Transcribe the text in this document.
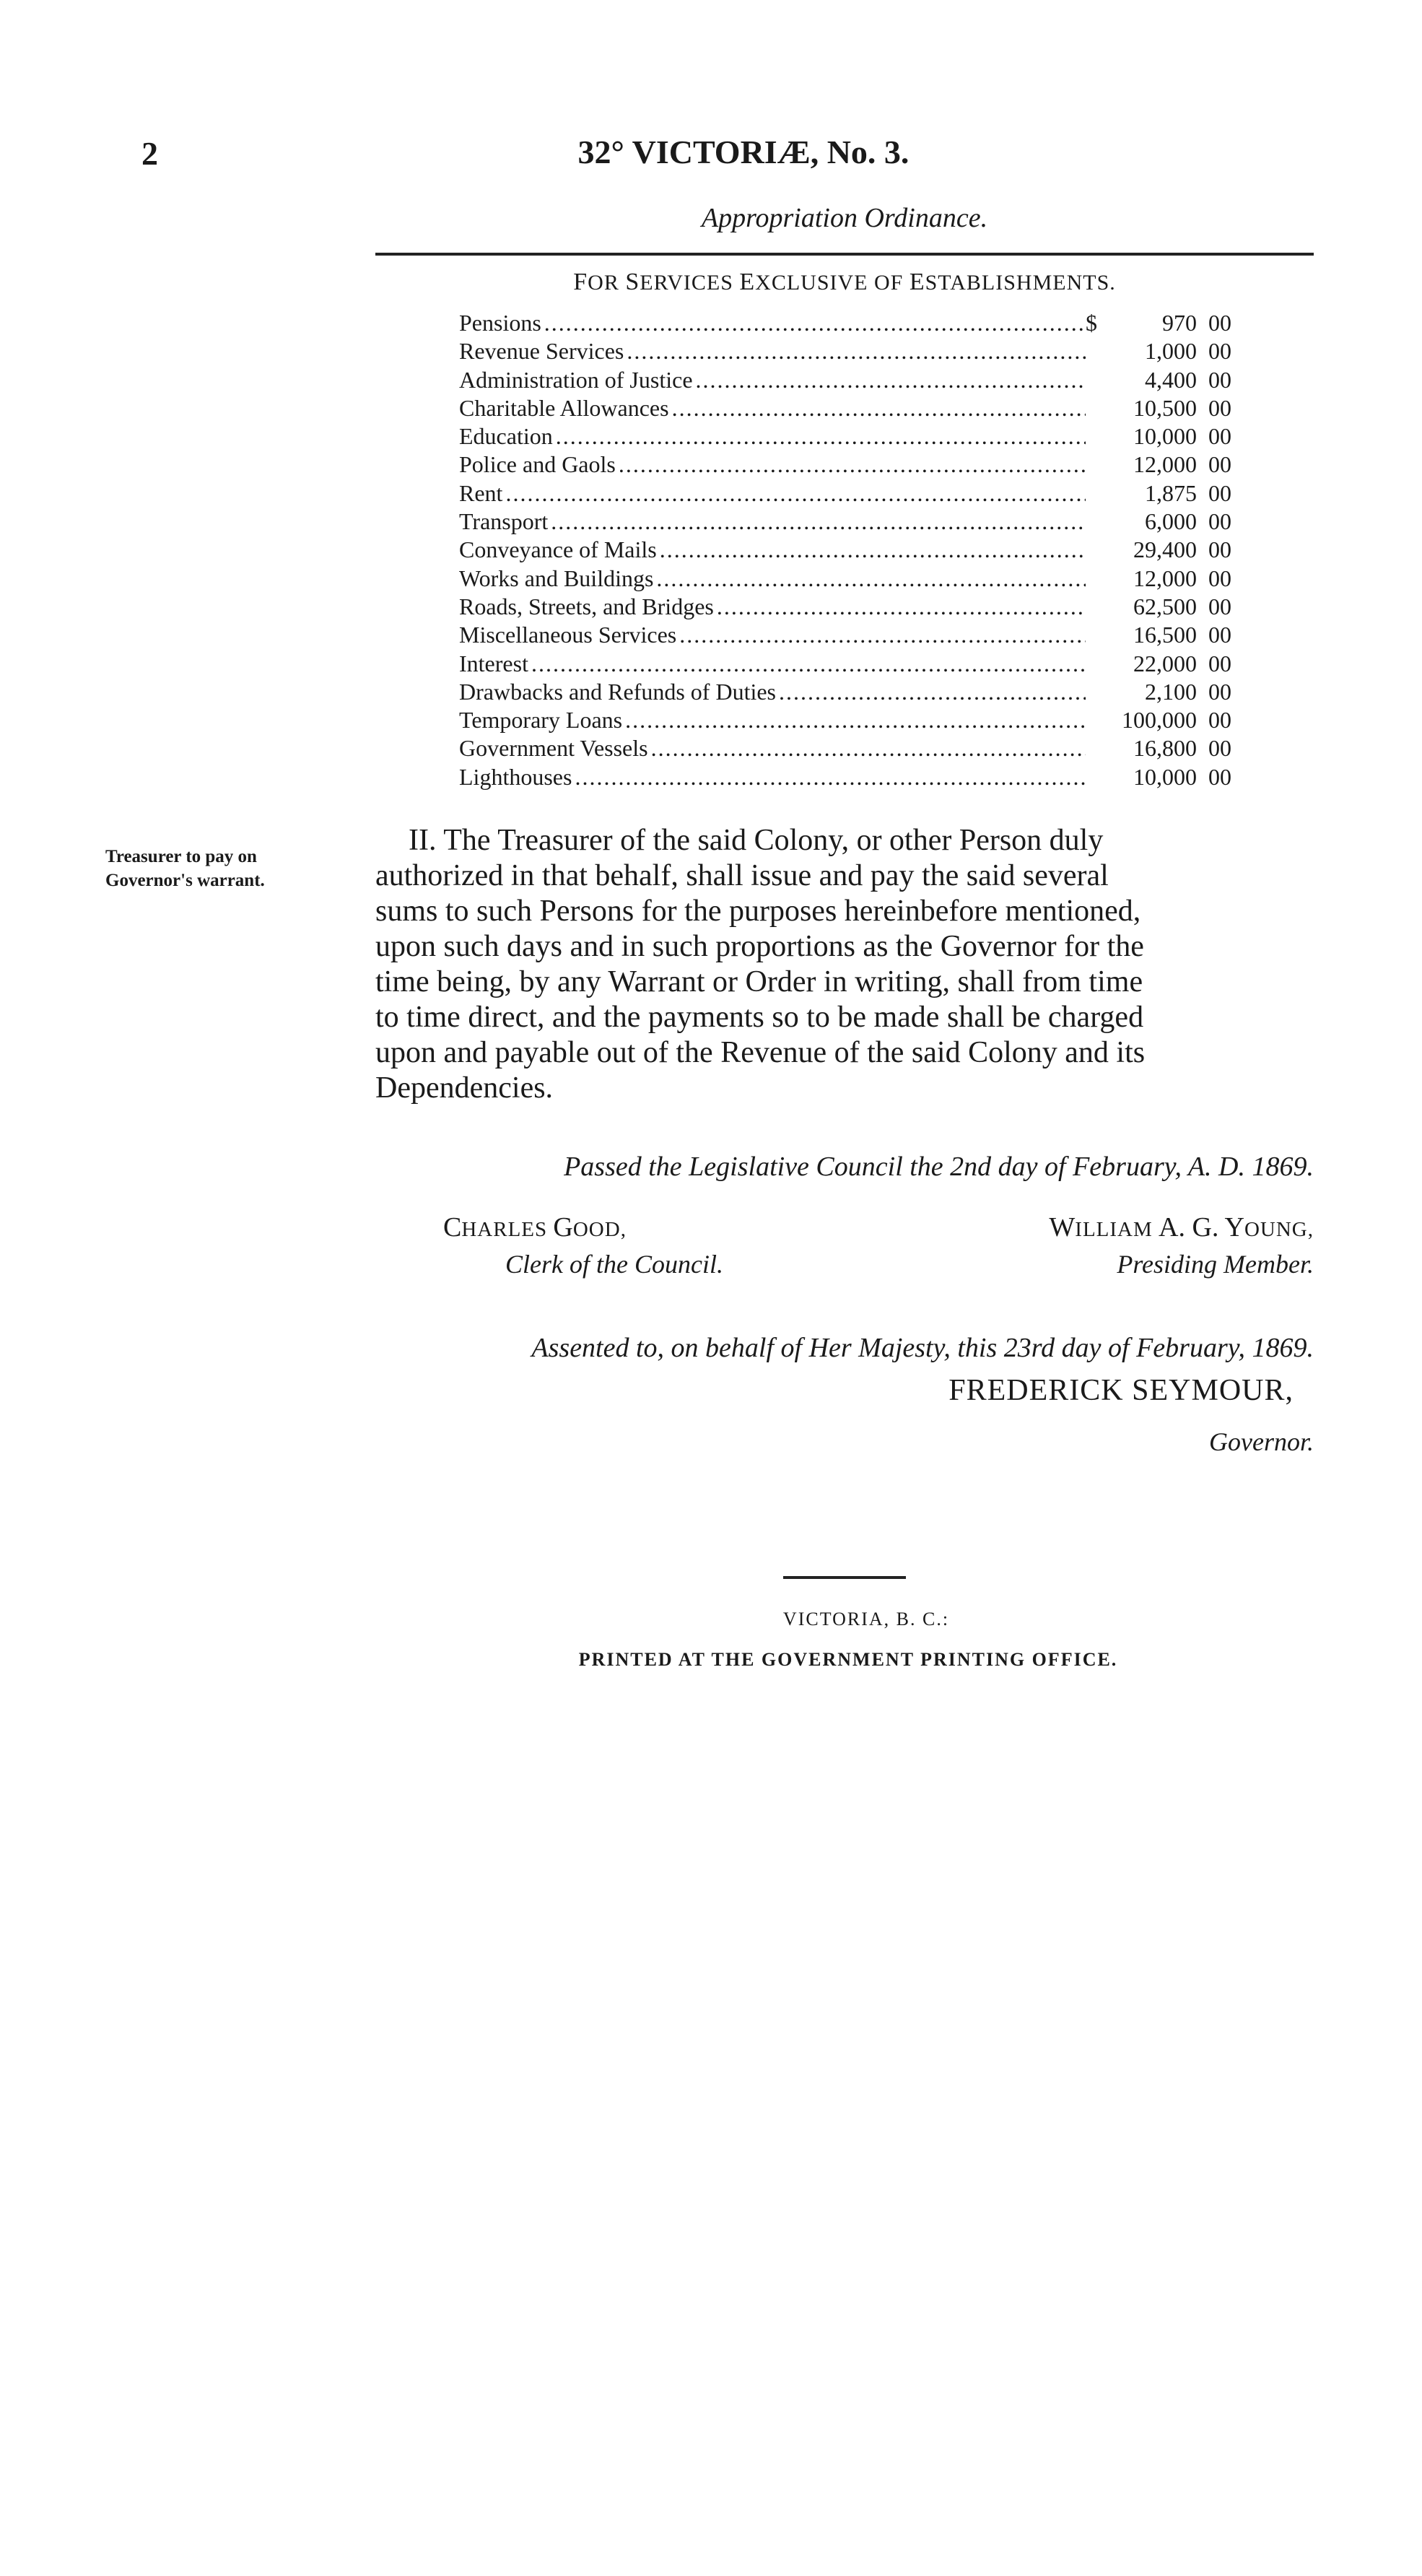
2	32° VICTORIÆ, No. 3.
Appropriation Ordinance.
FOR SERVICES EXCLUSIVE OF ESTABLISHMENTS.
Pensions .....	$	970 00
Revenue Services .....	1,000 00
Administration of Justice .....	4,400 00
Charitable Allowances .....	10,500 00
Education .....	10,000 00
Police and Gaols .....	12,000 00
Rent .....	1,875 00
Transport .....	6,000 00
Conveyance of Mails .....	29,400 00
Works and Buildings .....	12,000 00
Roads, Streets, and Bridges .....	62,500 00
Miscellaneous Services .....	16,500 00
Interest .....	22,000 00
Drawbacks and Refunds of Duties .....	2,100 00
Temporary Loans .....	100,000 00
Government Vessels .....	16,800 00
Lighthouses .....	10,000 00
Treasurer to pay on
Governor's warrant.
II. The Treasurer of the said Colony, or other Person duly
authorized in that behalf, shall issue and pay the said several
sums to such Persons for the purposes hereinbefore mentioned,
upon such days and in such proportions as the Governor for the
time being, by any Warrant or Order in writing, shall from time
to time direct, and the payments so to be made shall be charged
upon and payable out of the Revenue of the said Colony and its
Dependencies.
Passed the Legislative Council the 2nd day of February, A. D. 1869.
CHARLES GOOD,
Clerk of the Council.
WILLIAM A. G. YOUNG,
Presiding Member.
Assented to, on behalf of Her Majesty, this 23rd day of February, 1869.
FREDERICK SEYMOUR,
Governor.
VICTORIA, B. C.:
PRINTED AT THE GOVERNMENT PRINTING OFFICE.
